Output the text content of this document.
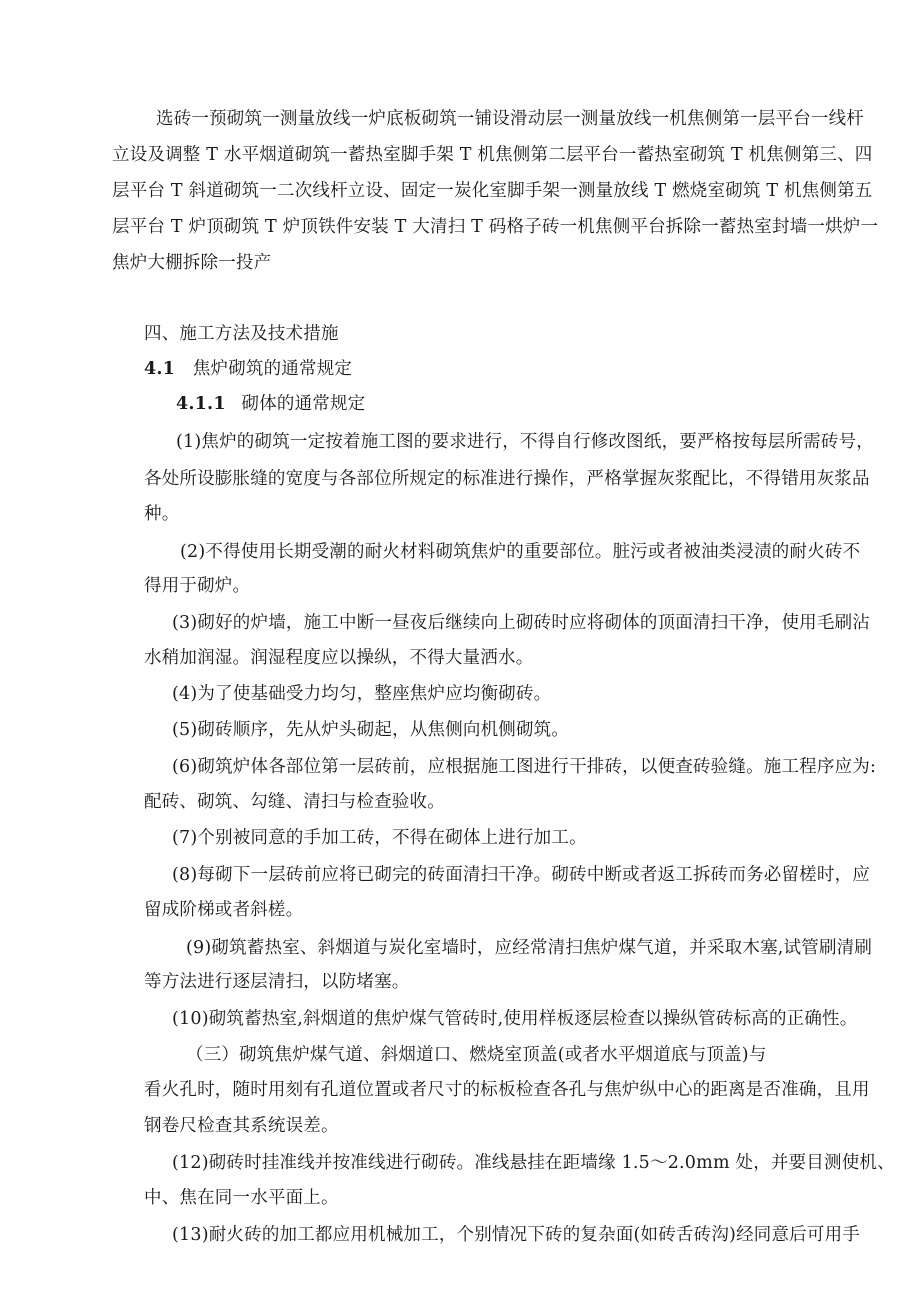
选砖一预砌筑一测量放线一炉底板砌筑一铺设滑动层一测量放线一机焦侧第一层平台一线杆
立设及调整 T 水平烟道砌筑一蓄热室脚手架 T 机焦侧第二层平台一蓄热室砌筑 T 机焦侧第三、四
层平台 T 斜道砌筑一二次线杆立设、固定一炭化室脚手架一测量放线 T 燃烧室砌筑 T 机焦侧第五
层平台 T 炉顶砌筑 T 炉顶铁件安装 T 大清扫 T 码格子砖一机焦侧平台拆除一蓄热室封墙一烘炉一
焦炉大棚拆除一投产
四、施工方法及技术措施
4.1 焦炉砌筑的通常规定
4.1.1 砌体的通常规定
(1)焦炉的砌筑一定按着施工图的要求进行，不得自行修改图纸，要严格按每层所需砖号，
各处所设膨胀缝的宽度与各部位所规定的标准进行操作，严格掌握灰浆配比，不得错用灰浆品
种。
(2)不得使用长期受潮的耐火材料砌筑焦炉的重要部位。脏污或者被油类浸渍的耐火砖不
得用于砌炉。
(3)砌好的炉墙，施工中断一昼夜后继续向上砌砖时应将砌体的顶面清扫干净，使用毛刷沾
水稍加润湿。润湿程度应以操纵，不得大量洒水。
(4)为了使基础受力均匀，整座焦炉应均衡砌砖。
(5)砌砖顺序，先从炉头砌起，从焦侧向机侧砌筑。
(6)砌筑炉体各部位第一层砖前，应根据施工图进行干排砖，以便查砖验缝。施工程序应为:
配砖、砌筑、勾缝、清扫与检查验收。
(7)个别被同意的手加工砖，不得在砌体上进行加工。
(8)每砌下一层砖前应将已砌完的砖面清扫干净。砌砖中断或者返工拆砖而务必留槎时，应
留成阶梯或者斜槎。
(9)砌筑蓄热室、斜烟道与炭化室墙时，应经常清扫焦炉煤气道，并采取木塞,试管刷清刷
等方法进行逐层清扫，以防堵塞。
(10)砌筑蓄热室,斜烟道的焦炉煤气管砖时,使用样板逐层检查以操纵管砖标高的正确性。
（三）砌筑焦炉煤气道、斜烟道口、燃烧室顶盖(或者水平烟道底与顶盖)与
看火孔时，随时用刻有孔道位置或者尺寸的标板检查各孔与焦炉纵中心的距离是否准确，且用
钢卷尺检查其系统误差。
(12)砌砖时挂准线并按准线进行砌砖。准线悬挂在距墙缘 1.5～2.0mm 处，并要目测使机、
中、焦在同一水平面上。
(13)耐火砖的加工都应用机械加工，个别情况下砖的复杂面(如砖舌砖沟)经同意后可用手
